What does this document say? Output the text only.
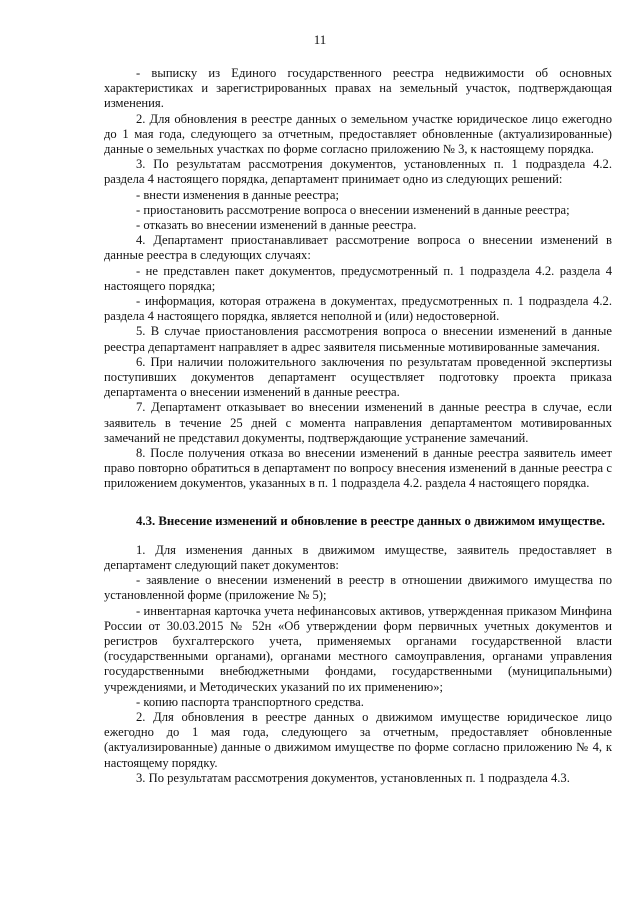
11

- выписку из Единого государственного реестра недвижимости об основных характеристиках и зарегистрированных правах на земельный участок, подтверждающая изменения.

2. Для обновления в реестре данных о земельном участке юридическое лицо ежегодно до 1 мая года, следующего за отчетным, предоставляет обновленные (актуализированные) данные о земельных участках по форме согласно приложению № 3, к настоящему порядка.

3. По результатам рассмотрения документов, установленных п. 1 подраздела 4.2. раздела 4 настоящего порядка, департамент принимает одно из следующих решений:

- внести изменения в данные реестра;

- приостановить рассмотрение вопроса о внесении изменений в данные реестра;

- отказать во внесении изменений в данные реестра.

4. Департамент приостанавливает рассмотрение вопроса о внесении изменений в данные реестра в следующих случаях:

- не представлен пакет документов, предусмотренный п. 1 подраздела 4.2. раздела 4 настоящего порядка;

- информация, которая отражена в документах, предусмотренных п. 1 подраздела 4.2. раздела 4 настоящего порядка, является неполной и (или) недостоверной.

5. В случае приостановления рассмотрения вопроса о внесении изменений в данные реестра департамент направляет в адрес заявителя письменные мотивированные замечания.

6. При наличии положительного заключения по результатам проведенной экспертизы поступивших документов департамент осуществляет подготовку проекта приказа департамента о внесении изменений в данные реестра.

7. Департамент отказывает во внесении изменений в данные реестра в случае, если заявитель в течение 25 дней с момента направления департаментом мотивированных замечаний не представил документы, подтверждающие устранение замечаний.

8. После получения отказа во внесении изменений в данные реестра заявитель имеет право повторно обратиться в департамент по вопросу внесения изменений в данные реестра с приложением документов, указанных в п. 1 подраздела 4.2. раздела 4 настоящего порядка.

4.3. Внесение изменений и обновление в реестре данных о движимом имуществе.

1. Для изменения данных в движимом имуществе, заявитель предоставляет в департамент следующий пакет документов:

- заявление о внесении изменений в реестр в отношении движимого имущества по установленной форме (приложение № 5);

- инвентарная карточка учета нефинансовых активов, утвержденная приказом Минфина России от 30.03.2015 № 52н «Об утверждении форм первичных учетных документов и регистров бухгалтерского учета, применяемых органами государственной власти (государственными органами), органами местного самоуправления, органами управления государственными внебюджетными фондами, государственными (муниципальными) учреждениями, и Методических указаний по их применению»;

- копию паспорта транспортного средства.

2. Для обновления в реестре данных о движимом имуществе юридическое лицо ежегодно до 1 мая года, следующего за отчетным, предоставляет обновленные (актуализированные) данные о движимом имуществе по форме согласно приложению № 4, к настоящему порядку.

3. По результатам рассмотрения документов, установленных п. 1 подраздела 4.3.
